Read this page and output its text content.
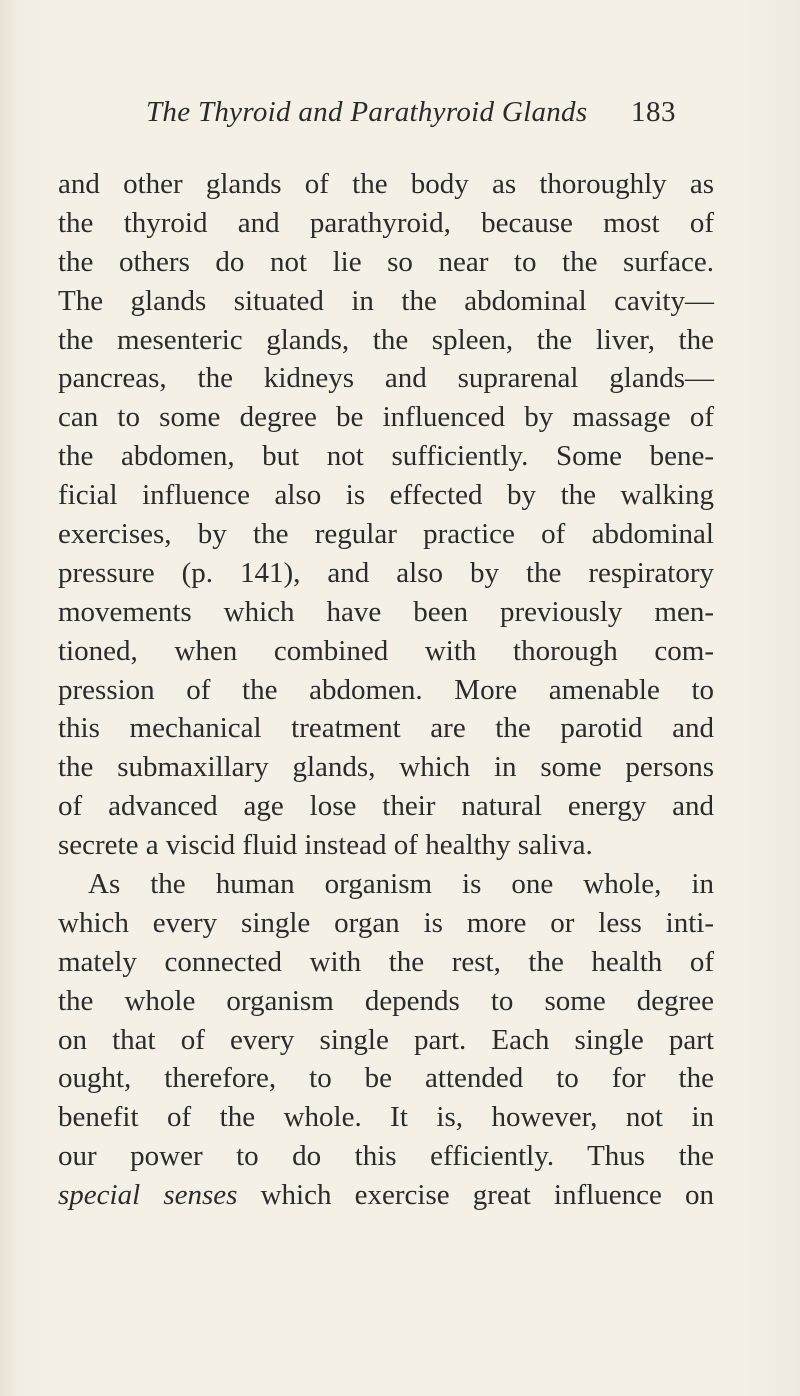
The Thyroid and Parathyroid Glands 183
and other glands of the body as thoroughly as
the thyroid and parathyroid, because most of
the others do not lie so near to the surface.
The glands situated in the abdominal cavity—
the mesenteric glands, the spleen, the liver, the
pancreas, the kidneys and suprarenal glands—
can to some degree be influenced by massage of
the abdomen, but not sufficiently. Some bene-
ficial influence also is effected by the walking
exercises, by the regular practice of abdominal
pressure (p. 141), and also by the respiratory
movements which have been previously men-
tioned, when combined with thorough com-
pression of the abdomen. More amenable to
this mechanical treatment are the parotid and
the submaxillary glands, which in some persons
of advanced age lose their natural energy and
secrete a viscid fluid instead of healthy saliva.
As the human organism is one whole, in
which every single organ is more or less inti-
mately connected with the rest, the health of
the whole organism depends to some degree
on that of every single part. Each single part
ought, therefore, to be attended to for the
benefit of the whole. It is, however, not in
our power to do this efficiently. Thus the
special senses which exercise great influence on
